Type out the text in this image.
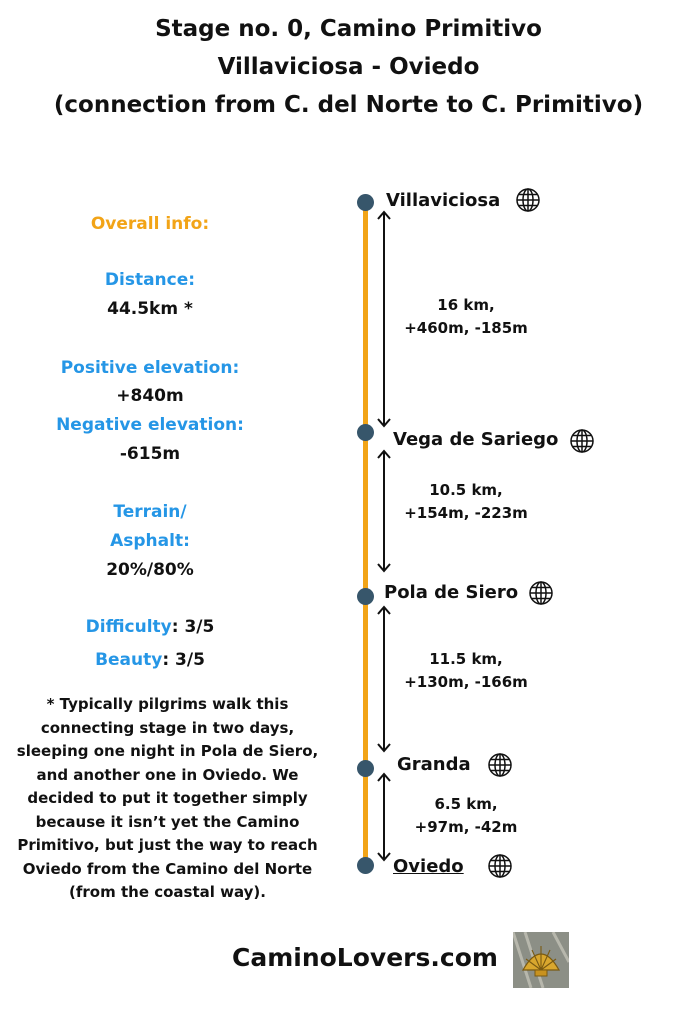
Stage no. 0, Camino Primitivo
Villaviciosa - Oviedo
(connection from C. del Norte to C. Primitivo)
Overall info:
Distance:
44.5km *
Positive elevation:
+840m
Negative elevation:
-615m
Terrain/
Asphalt:
20%/80%
Difficulty: 3/5
Beauty: 3/5
* Typically pilgrims walk this connecting stage in two days, sleeping one night in Pola de Siero, and another one in Oviedo. We decided to put it together simply because it isn’t yet the Camino Primitivo, but just the way to reach Oviedo from the Camino del Norte (from the coastal way).
Villaviciosa
Vega de Sariego
Pola de Siero
Granda
Oviedo
16 km,
+460m, -185m
10.5 km,
+154m, -223m
11.5 km,
+130m, -166m
6.5 km,
+97m, -42m
CaminoLovers.com
